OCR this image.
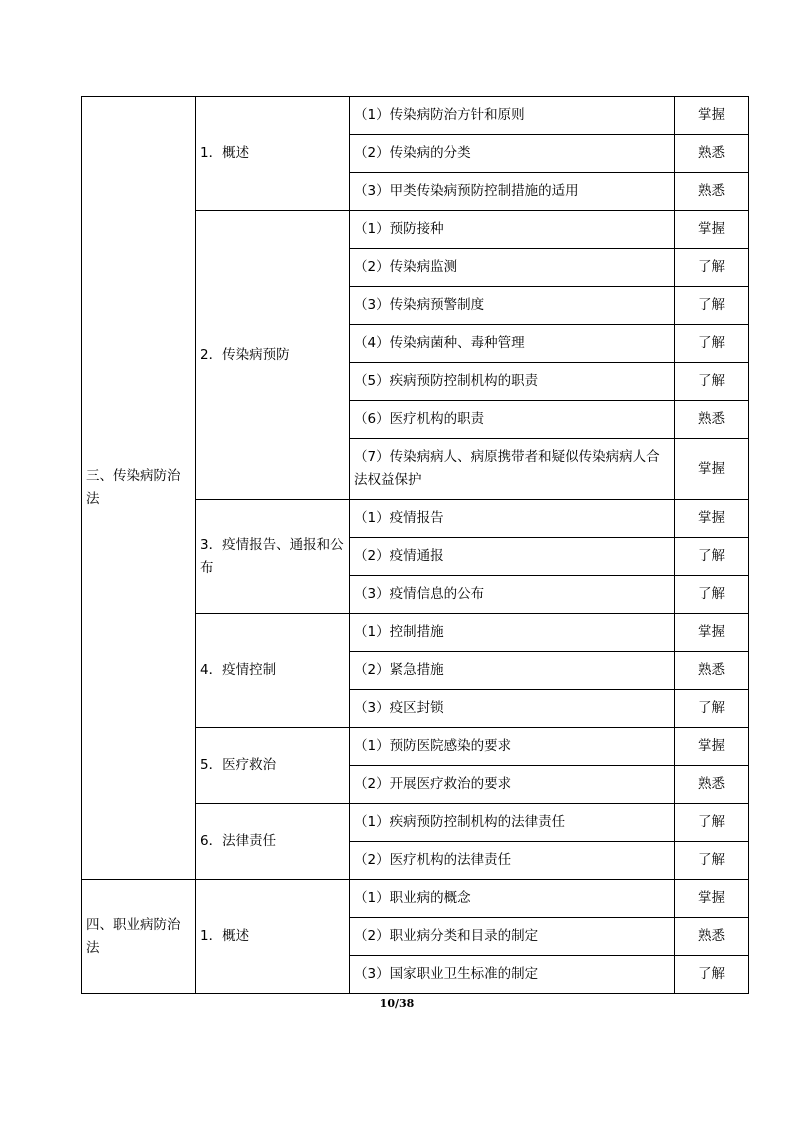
三、传染病防治法	1．概述	（1）传染病防治方针和原则	掌握
		（2）传染病的分类	熟悉
		（3）甲类传染病预防控制措施的适用	熟悉
	2．传染病预防	（1）预防接种	掌握
		（2）传染病监测	了解
		（3）传染病预警制度	了解
		（4）传染病菌种、毒种管理	了解
		（5）疾病预防控制机构的职责	了解
		（6）医疗机构的职责	熟悉
		（7）传染病病人、病原携带者和疑似传染病病人合法权益保护	掌握
	3．疫情报告、通报和公布	（1）疫情报告	掌握
		（2）疫情通报	了解
		（3）疫情信息的公布	了解
	4．疫情控制	（1）控制措施	掌握
		（2）紧急措施	熟悉
		（3）疫区封锁	了解
	5．医疗救治	（1）预防医院感染的要求	掌握
		（2）开展医疗救治的要求	熟悉
	6．法律责任	（1）疾病预防控制机构的法律责任	了解
		（2）医疗机构的法律责任	了解
四、职业病防治法	1．概述	（1）职业病的概念	掌握
		（2）职业病分类和目录的制定	熟悉
		（3）国家职业卫生标准的制定	了解
10/38
